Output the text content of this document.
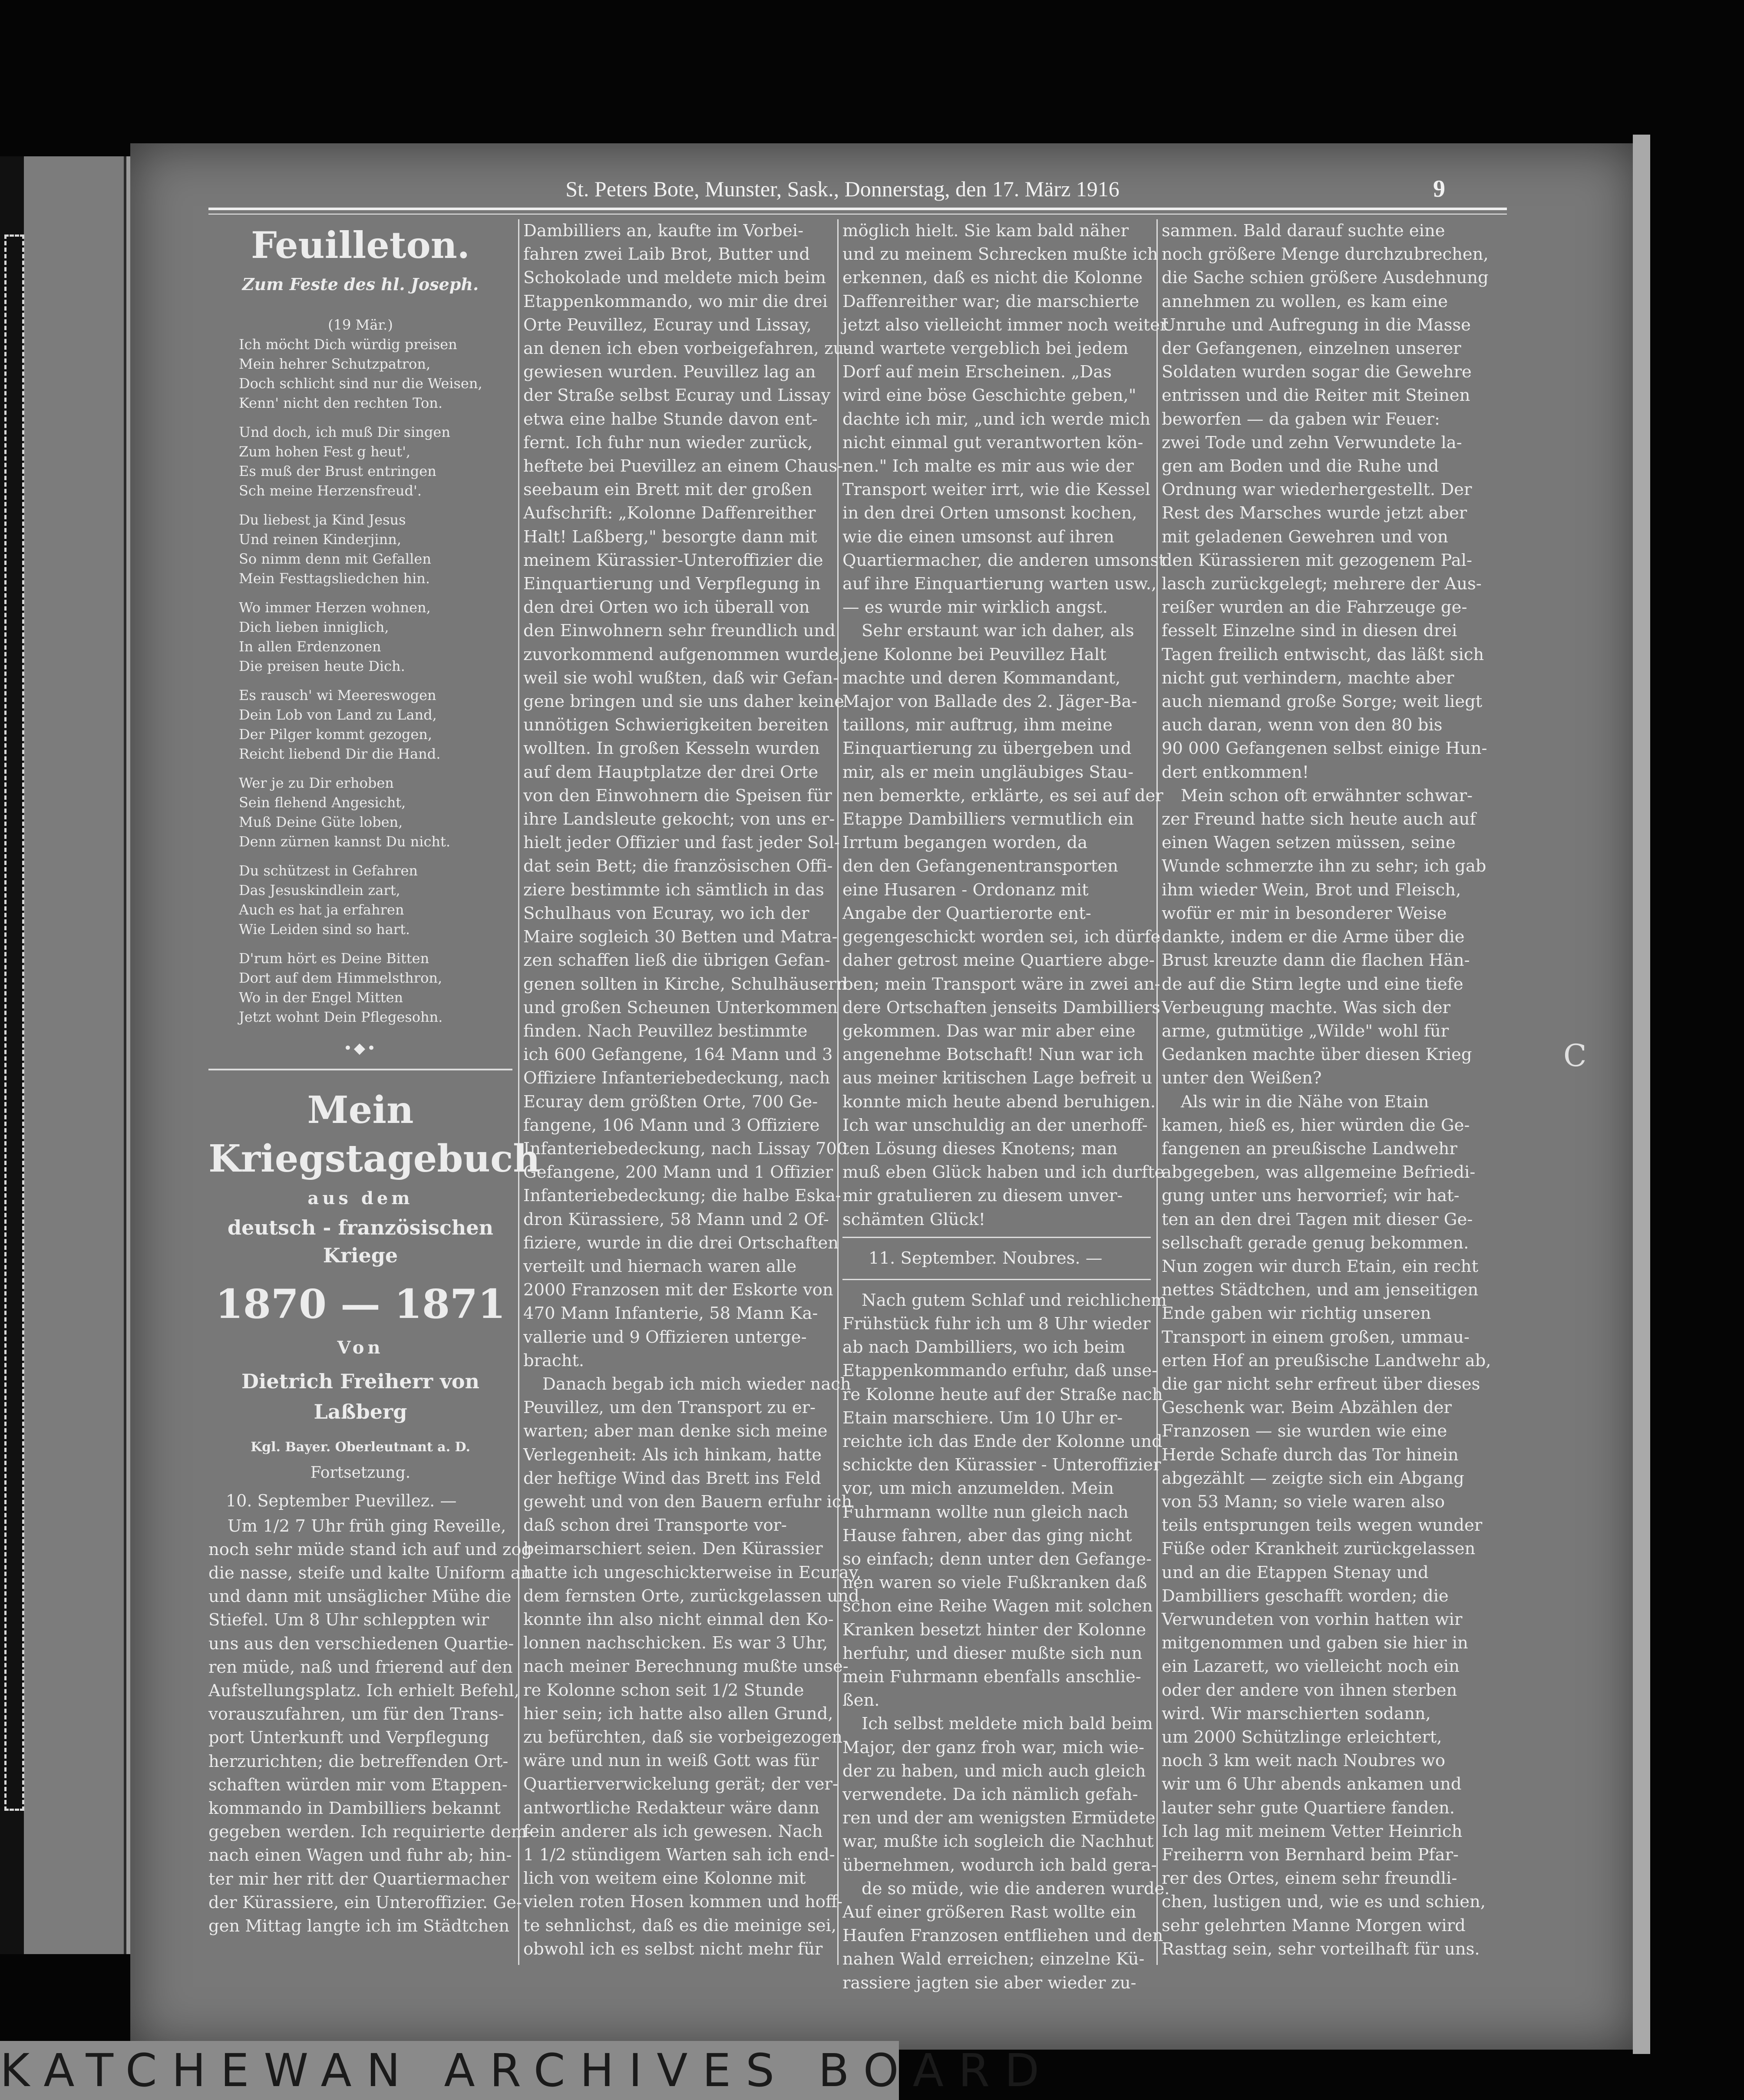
St. Peters Bote, Munster, Sask., Donnerstag, den 17. März 1916	9
Feuilleton.
Zum Feste des hl. Joseph.
(19 Mär.)
Ich möcht Dich würdig preisen
Mein hehrer Schutzpatron,
Doch schlicht sind nur die Weisen,
Kenn' nicht den rechten Ton.
Und doch, ich muß Dir singen
Zum hohen Fest g heut',
Es muß der Brust entringen
Sch meine Herzensfreud'.
Du liebest ja Kind Jesus
Und reinen Kinderjinn,
So nimm denn mit Gefallen
Mein Festtagsliedchen hin.
Wo immer Herzen wohnen,
Dich lieben inniglich,
In allen Erdenzonen
Die preisen heute Dich.
Es rausch' wi Meereswogen
Dein Lob von Land zu Land,
Der Pilger kommt gezogen,
Reicht liebend Dir die Hand.
Wer je zu Dir erhoben
Sein flehend Angesicht,
Muß Deine Güte loben,
Denn zürnen kannst Du nicht.
Du schützest in Gefahren
Das Jesuskindlein zart,
Auch es hat ja erfahren
Wie Leiden sind so hart.
D'rum hört es Deine Bitten
Dort auf dem Himmelsthron,
Wo in der Engel Mitten
Jetzt wohnt Dein Pflegesohn.
•◆•
Mein
Kriegstagebuch
aus dem
deutsch - französischen
Kriege
1870 — 1871
Von
Dietrich Freiherr von
Laßberg
Kgl. Bayer. Oberleutnant a. D.
Fortsetzung.
10. September Puevillez. —
Um 1/2 7 Uhr früh ging Reveille,
noch sehr müde stand ich auf und zog
die nasse, steife und kalte Uniform an
und dann mit unsäglicher Mühe die
Stiefel. Um 8 Uhr schleppten wir
uns aus den verschiedenen Quartie-
ren müde, naß und frierend auf den
Aufstellungsplatz. Ich erhielt Befehl,
vorauszufahren, um für den Trans-
port Unterkunft und Verpflegung
herzurichten; die betreffenden Ort-
schaften würden mir vom Etappen-
kommando in Dambilliers bekannt
gegeben werden. Ich requirierte dem-
nach einen Wagen und fuhr ab; hin-
ter mir her ritt der Quartiermacher
der Kürassiere, ein Unteroffizier. Ge-
gen Mittag langte ich im Städtchen
Dambilliers an, kaufte im Vorbei-
fahren zwei Laib Brot, Butter und
Schokolade und meldete mich beim
Etappenkommando, wo mir die drei
Orte Peuvillez, Ecuray und Lissay,
an denen ich eben vorbeigefahren, zu-
gewiesen wurden. Peuvillez lag an
der Straße selbst Ecuray und Lissay
etwa eine halbe Stunde davon ent-
fernt. Ich fuhr nun wieder zurück,
heftete bei Puevillez an einem Chaus-
seebaum ein Brett mit der großen
Aufschrift: „Kolonne Daffenreither
Halt! Laßberg," besorgte dann mit
meinem Kürassier-Unteroffizier die
Einquartierung und Verpflegung in
den drei Orten wo ich überall von
den Einwohnern sehr freundlich und
zuvorkommend aufgenommen wurde,
weil sie wohl wußten, daß wir Gefan-
gene bringen und sie uns daher keine
unnötigen Schwierigkeiten bereiten
wollten. In großen Kesseln wurden
auf dem Hauptplatze der drei Orte
von den Einwohnern die Speisen für
ihre Landsleute gekocht; von uns er-
hielt jeder Offizier und fast jeder Sol-
dat sein Bett; die französischen Offi-
ziere bestimmte ich sämtlich in das
Schulhaus von Ecuray, wo ich der
Maire sogleich 30 Betten und Matra-
zen schaffen ließ die übrigen Gefan-
genen sollten in Kirche, Schulhäusern
und großen Scheunen Unterkommen
finden. Nach Peuvillez bestimmte
ich 600 Gefangene, 164 Mann und 3
Offiziere Infanteriebedeckung, nach
Ecuray dem größten Orte, 700 Ge-
fangene, 106 Mann und 3 Offiziere
Infanteriebedeckung, nach Lissay 700
Gefangene, 200 Mann und 1 Offizier
Infanteriebedeckung; die halbe Eska-
dron Kürassiere, 58 Mann und 2 Of-
fiziere, wurde in die drei Ortschaften
verteilt und hiernach waren alle
2000 Franzosen mit der Eskorte von
470 Mann Infanterie, 58 Mann Ka-
vallerie und 9 Offizieren unterge-
bracht.
Danach begab ich mich wieder nach
Peuvillez, um den Transport zu er-
warten; aber man denke sich meine
Verlegenheit: Als ich hinkam, hatte
der heftige Wind das Brett ins Feld
geweht und von den Bauern erfuhr ich
daß schon drei Transporte vor-
beimarschiert seien. Den Kürassier
hatte ich ungeschickterweise in Ecuray,
dem fernsten Orte, zurückgelassen und
konnte ihn also nicht einmal den Ko-
lonnen nachschicken. Es war 3 Uhr,
nach meiner Berechnung mußte unse-
re Kolonne schon seit 1/2 Stunde
hier sein; ich hatte also allen Grund,
zu befürchten, daß sie vorbeigezogen
wäre und nun in weiß Gott was für
Quartierverwickelung gerät; der ver-
antwortliche Redakteur wäre dann
fein anderer als ich gewesen. Nach
1 1/2 stündigem Warten sah ich end-
lich von weitem eine Kolonne mit
vielen roten Hosen kommen und hoff-
te sehnlichst, daß es die meinige sei,
obwohl ich es selbst nicht mehr für
möglich hielt. Sie kam bald näher
und zu meinem Schrecken mußte ich
erkennen, daß es nicht die Kolonne
Daffenreither war; die marschierte
jetzt also vielleicht immer noch weiter
und wartete vergeblich bei jedem
Dorf auf mein Erscheinen. „Das
wird eine böse Geschichte geben,"
dachte ich mir, „und ich werde mich
nicht einmal gut verantworten kön-
nen." Ich malte es mir aus wie der
Transport weiter irrt, wie die Kessel
in den drei Orten umsonst kochen,
wie die einen umsonst auf ihren
Quartiermacher, die anderen umsonst
auf ihre Einquartierung warten usw.,
— es wurde mir wirklich angst.
Sehr erstaunt war ich daher, als
jene Kolonne bei Peuvillez Halt
machte und deren Kommandant,
Major von Ballade des 2. Jäger-Ba-
taillons, mir auftrug, ihm meine
Einquartierung zu übergeben und
mir, als er mein ungläubiges Stau-
nen bemerkte, erklärte, es sei auf der
Etappe Dambilliers vermutlich ein
Irrtum begangen worden, da
den den Gefangenentransporten
eine Husaren - Ordonanz mit
Angabe der Quartierorte ent-
gegengeschickt worden sei, ich dürfe
daher getrost meine Quartiere abge-
ben; mein Transport wäre in zwei an-
dere Ortschaften jenseits Dambilliers
gekommen. Das war mir aber eine
angenehme Botschaft! Nun war ich
aus meiner kritischen Lage befreit u
konnte mich heute abend beruhigen.
Ich war unschuldig an der unerhoff-
ten Lösung dieses Knotens; man
muß eben Glück haben und ich durfte
mir gratulieren zu diesem unver-
schämten Glück!
11. September. Noubres. —
Nach gutem Schlaf und reichlichem
Frühstück fuhr ich um 8 Uhr wieder
ab nach Dambilliers, wo ich beim
Etappenkommando erfuhr, daß unse-
re Kolonne heute auf der Straße nach
Etain marschiere. Um 10 Uhr er-
reichte ich das Ende der Kolonne und
schickte den Kürassier - Unteroffizier
vor, um mich anzumelden. Mein
Fuhrmann wollte nun gleich nach
Hause fahren, aber das ging nicht
so einfach; denn unter den Gefange-
nen waren so viele Fußkranken daß
schon eine Reihe Wagen mit solchen
Kranken besetzt hinter der Kolonne
herfuhr, und dieser mußte sich nun
mein Fuhrmann ebenfalls anschlie-
ßen.
Ich selbst meldete mich bald beim
Major, der ganz froh war, mich wie-
der zu haben, und mich auch gleich
verwendete. Da ich nämlich gefah-
ren und der am wenigsten Ermüdete
war, mußte ich sogleich die Nachhut
übernehmen, wodurch ich bald gera-
de so müde, wie die anderen wurde.
Auf einer größeren Rast wollte ein
Haufen Franzosen entfliehen und den
nahen Wald erreichen; einzelne Kü-
rassiere jagten sie aber wieder zu-
sammen. Bald darauf suchte eine
noch größere Menge durchzubrechen,
die Sache schien größere Ausdehnung
annehmen zu wollen, es kam eine
Unruhe und Aufregung in die Masse
der Gefangenen, einzelnen unserer
Soldaten wurden sogar die Gewehre
entrissen und die Reiter mit Steinen
beworfen — da gaben wir Feuer:
zwei Tode und zehn Verwundete la-
gen am Boden und die Ruhe und
Ordnung war wiederhergestellt. Der
Rest des Marsches wurde jetzt aber
mit geladenen Gewehren und von
den Kürassieren mit gezogenem Pal-
lasch zurückgelegt; mehrere der Aus-
reißer wurden an die Fahrzeuge ge-
fesselt Einzelne sind in diesen drei
Tagen freilich entwischt, das läßt sich
nicht gut verhindern, machte aber
auch niemand große Sorge; weit liegt
auch daran, wenn von den 80 bis
90 000 Gefangenen selbst einige Hun-
dert entkommen!
Mein schon oft erwähnter schwar-
zer Freund hatte sich heute auch auf
einen Wagen setzen müssen, seine
Wunde schmerzte ihn zu sehr; ich gab
ihm wieder Wein, Brot und Fleisch,
wofür er mir in besonderer Weise
dankte, indem er die Arme über die
Brust kreuzte dann die flachen Hän-
de auf die Stirn legte und eine tiefe
Verbeugung machte. Was sich der
arme, gutmütige „Wilde" wohl für
Gedanken machte über diesen Krieg
unter den Weißen?
Als wir in die Nähe von Etain
kamen, hieß es, hier würden die Ge-
fangenen an preußische Landwehr
abgegeben, was allgemeine Befriedi-
gung unter uns hervorrief; wir hat-
ten an den drei Tagen mit dieser Ge-
sellschaft gerade genug bekommen.
Nun zogen wir durch Etain, ein recht
nettes Städtchen, und am jenseitigen
Ende gaben wir richtig unseren
Transport in einem großen, ummau-
erten Hof an preußische Landwehr ab,
die gar nicht sehr erfreut über dieses
Geschenk war. Beim Abzählen der
Franzosen — sie wurden wie eine
Herde Schafe durch das Tor hinein
abgezählt — zeigte sich ein Abgang
von 53 Mann; so viele waren also
teils entsprungen teils wegen wunder
Füße oder Krankheit zurückgelassen
und an die Etappen Stenay und
Dambilliers geschafft worden; die
Verwundeten von vorhin hatten wir
mitgenommen und gaben sie hier in
ein Lazarett, wo vielleicht noch ein
oder der andere von ihnen sterben
wird. Wir marschierten sodann,
um 2000 Schützlinge erleichtert,
noch 3 km weit nach Noubres wo
wir um 6 Uhr abends ankamen und
lauter sehr gute Quartiere fanden.
Ich lag mit meinem Vetter Heinrich
Freiherrn von Bernhard beim Pfar-
rer des Ortes, einem sehr freundli-
chen, lustigen und, wie es und schien,
sehr gelehrten Manne Morgen wird
Rasttag sein, sehr vorteilhaft für uns.
C
KATCHEWAN ARCHIVES BOARD
